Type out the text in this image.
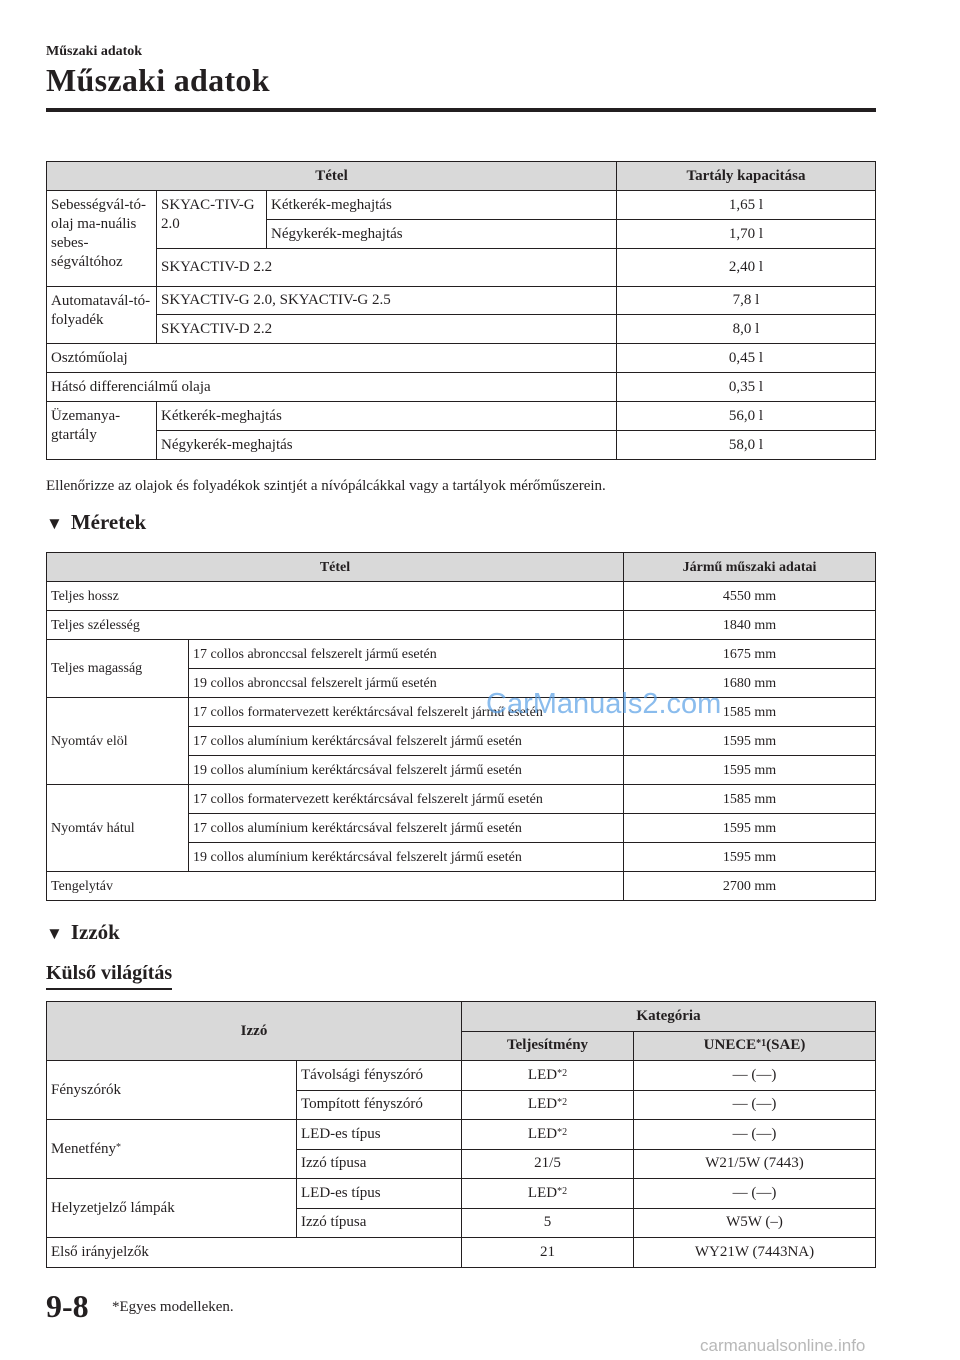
Műszaki adatok
Műszaki adatok
Tétel			Tartály kapacitása
Sebességvál-tó-olaj ma-nuális sebes-ségváltóhoz	SKYAC-TIV-G 2.0	Kétkerék-meghajtás	1,65 l
		Négykerék-meghajtás	1,70 l
	SKYACTIV-D 2.2		2,40 l
Automatavál-tó-folyadék	SKYACTIV-G 2.0, SKYACTIV-G 2.5		7,8 l
	SKYACTIV-D 2.2		8,0 l
Osztóműolaj			0,45 l
Hátsó differenciálmű olaja			0,35 l
Üzemanya-gtartály	Kétkerék-meghajtás		56,0 l
	Négykerék-meghajtás		58,0 l
Ellenőrizze az olajok és folyadékok szintjét a nívópálcákkal vagy a tartályok mérőműszerein.
▼ Méretek
Tétel		Jármű műszaki adatai
Teljes hossz		4550 mm
Teljes szélesség		1840 mm
Teljes magasság	17 collos abronccsal felszerelt jármű esetén	1675 mm
	19 collos abronccsal felszerelt jármű esetén	1680 mm
Nyomtáv elöl	17 collos formatervezett keréktárcsával felszerelt jármű esetén	1585 mm
	17 collos alumínium keréktárcsával felszerelt jármű esetén	1595 mm
	19 collos alumínium keréktárcsával felszerelt jármű esetén	1595 mm
Nyomtáv hátul	17 collos formatervezett keréktárcsával felszerelt jármű esetén	1585 mm
	17 collos alumínium keréktárcsával felszerelt jármű esetén	1595 mm
	19 collos alumínium keréktárcsával felszerelt jármű esetén	1595 mm
Tengelytáv		2700 mm
▼ Izzók
Külső világítás
Izzó		Kategória	
		Teljesítmény	UNECE$^{*1}$(SAE)
Fényszórók	Távolsági fényszóró	LED$^{*2}$	― (―)
	Tompított fényszóró	LED$^{*2}$	― (―)
Menetfény*	LED-es típus	LED$^{*2}$	― (―)
	Izzó típusa	21/5	W21/5W (7443)
Helyzetjelző lámpák	LED-es típus	LED$^{*2}$	― (―)
	Izzó típusa	5	W5W (–)
Első irányjelzők		21	WY21W (7443NA)
9-8 *Egyes modelleken.
CarManuals2.com
carmanualsonline.info
